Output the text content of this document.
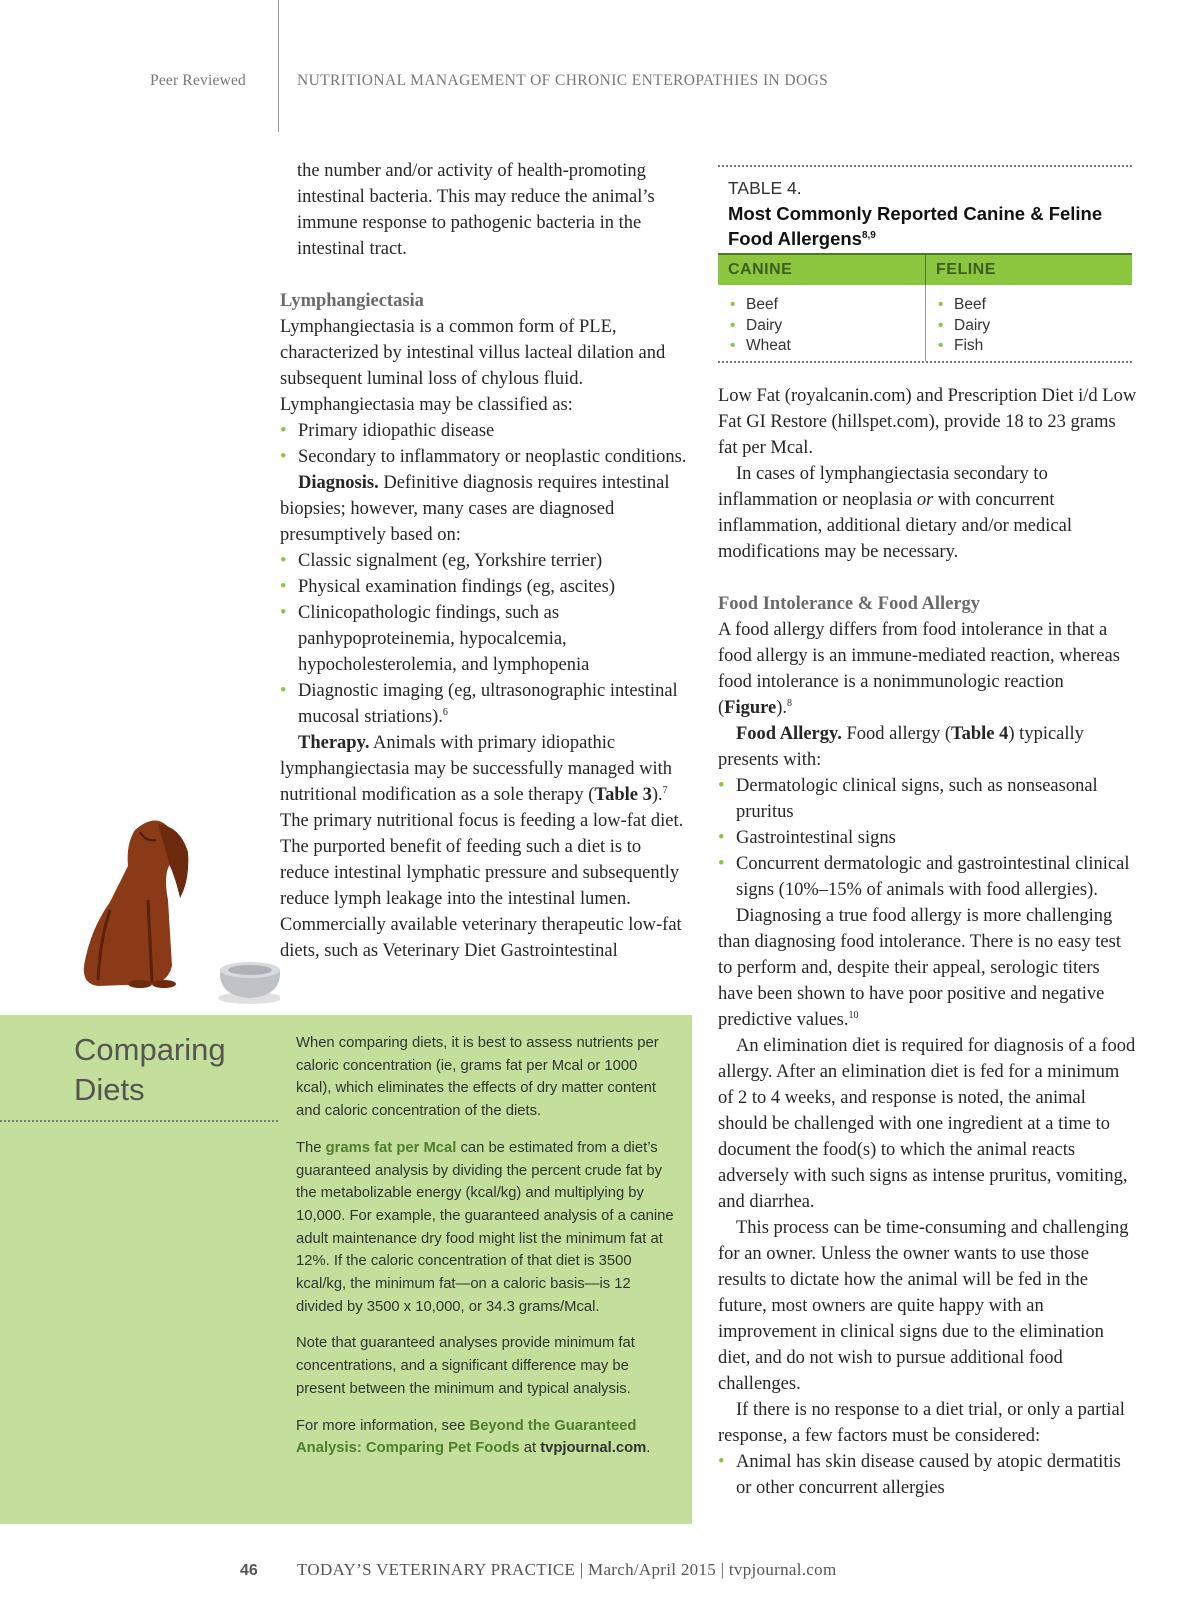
Peer Reviewed	NUTRITIONAL MANAGEMENT OF CHRONIC ENTEROPATHIES IN DOGS

the number and/or activity of health-promoting intestinal bacteria. This may reduce the animal’s immune response to pathogenic bacteria in the intestinal tract.

Lymphangiectasia

Lymphangiectasia is a common form of PLE, characterized by intestinal villus lacteal dilation and subsequent luminal loss of chylous fluid. Lymphangiectasia may be classified as:

• Primary idiopathic disease
• Secondary to inflammatory or neoplastic conditions.

Diagnosis. Definitive diagnosis requires intestinal biopsies; however, many cases are diagnosed presumptively based on:

• Classic signalment (eg, Yorkshire terrier)
• Physical examination findings (eg, ascites)
• Clinicopathologic findings, such as panhypoproteinemia, hypocalcemia, hypocholesterolemia, and lymphopenia
• Diagnostic imaging (eg, ultrasonographic intestinal mucosal striations).$^6$

Therapy. Animals with primary idiopathic lymphangiectasia may be successfully managed with nutritional modification as a sole therapy (Table 3).$^7$ The primary nutritional focus is feeding a low-fat diet. The purported benefit of feeding such a diet is to reduce intestinal lymphatic pressure and subsequently reduce lymph leakage into the intestinal lumen. Commercially available veterinary therapeutic low-fat diets, such as Veterinary Diet Gastrointestinal

Comparing
Diets

When comparing diets, it is best to assess nutrients per caloric concentration (ie, grams fat per Mcal or 1000 kcal), which eliminates the effects of dry matter content and caloric concentration of the diets.

The grams fat per Mcal can be estimated from a diet’s guaranteed analysis by dividing the percent crude fat by the metabolizable energy (kcal/kg) and multiplying by 10,000. For example, the guaranteed analysis of a canine adult maintenance dry food might list the minimum fat at 12%. If the caloric concentration of that diet is 3500 kcal/kg, the minimum fat—on a caloric basis—is 12 divided by 3500 x 10,000, or 34.3 grams/Mcal.

Note that guaranteed analyses provide minimum fat concentrations, and a significant difference may be present between the minimum and typical analysis.

For more information, see Beyond the Guaranteed Analysis: Comparing Pet Foods at tvpjournal.com.

TABLE 4.
Most Commonly Reported Canine & Feline Food Allergens$^{8,9}$
CANINE	FELINE
• Beef
• Dairy
• Wheat
• Beef
• Dairy
• Fish

Low Fat (royalcanin.com) and Prescription Diet i/d Low Fat GI Restore (hillspet.com), provide 18 to 23 grams fat per Mcal.

In cases of lymphangiectasia secondary to inflammation or neoplasia or with concurrent inflammation, additional dietary and/or medical modifications may be necessary.

Food Intolerance & Food Allergy

A food allergy differs from food intolerance in that a food allergy is an immune-mediated reaction, whereas food intolerance is a nonimmunologic reaction (Figure).$^8$

Food Allergy. Food allergy (Table 4) typically presents with:

• Dermatologic clinical signs, such as nonseasonal pruritus
• Gastrointestinal signs
• Concurrent dermatologic and gastrointestinal clinical signs (10%–15% of animals with food allergies).

Diagnosing a true food allergy is more challenging than diagnosing food intolerance. There is no easy test to perform and, despite their appeal, serologic titers have been shown to have poor positive and negative predictive values.$^{10}$

An elimination diet is required for diagnosis of a food allergy. After an elimination diet is fed for a minimum of 2 to 4 weeks, and response is noted, the animal should be challenged with one ingredient at a time to document the food(s) to which the animal reacts adversely with such signs as intense pruritus, vomiting, and diarrhea.

This process can be time-consuming and challenging for an owner. Unless the owner wants to use those results to dictate how the animal will be fed in the future, most owners are quite happy with an improvement in clinical signs due to the elimination diet, and do not wish to pursue additional food challenges.

If there is no response to a diet trial, or only a partial response, a few factors must be considered:

• Animal has skin disease caused by atopic dermatitis or other concurrent allergies
46 TODAY’S VETERINARY PRACTICE | March/April 2015 | tvpjournal.com
